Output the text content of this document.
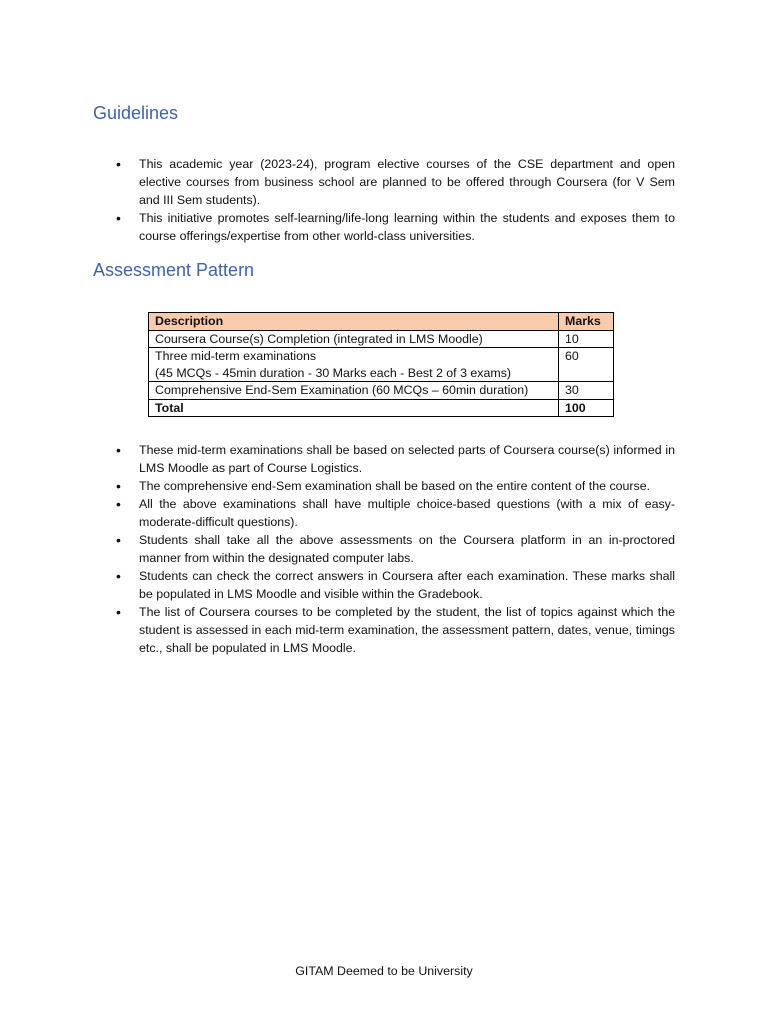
Guidelines
• This academic year (2023-24), program elective courses of the CSE department and open elective courses from business school are planned to be offered through Coursera (for V Sem and III Sem students).
• This initiative promotes self-learning/life-long learning within the students and exposes them to course offerings/expertise from other world-class universities.
Assessment Pattern
Description	Marks
Coursera Course(s) Completion (integrated in LMS Moodle)	10

Three mid-term examinations
(45 MCQs - 45min duration - 30 Marks each - Best 2 of 3 exams)	60
Comprehensive End-Sem Examination (60 MCQs – 60min duration)	30
Total	100
• These mid-term examinations shall be based on selected parts of Coursera course(s) informed in LMS Moodle as part of Course Logistics.
• The comprehensive end-Sem examination shall be based on the entire content of the course.
• All the above examinations shall have multiple choice-based questions (with a mix of easy-moderate-difficult questions).
• Students shall take all the above assessments on the Coursera platform in an in-proctored manner from within the designated computer labs.
• Students can check the correct answers in Coursera after each examination. These marks shall be populated in LMS Moodle and visible within the Gradebook.
• The list of Coursera courses to be completed by the student, the list of topics against which the student is assessed in each mid-term examination, the assessment pattern, dates, venue, timings etc., shall be populated in LMS Moodle.
GITAM Deemed to be University
